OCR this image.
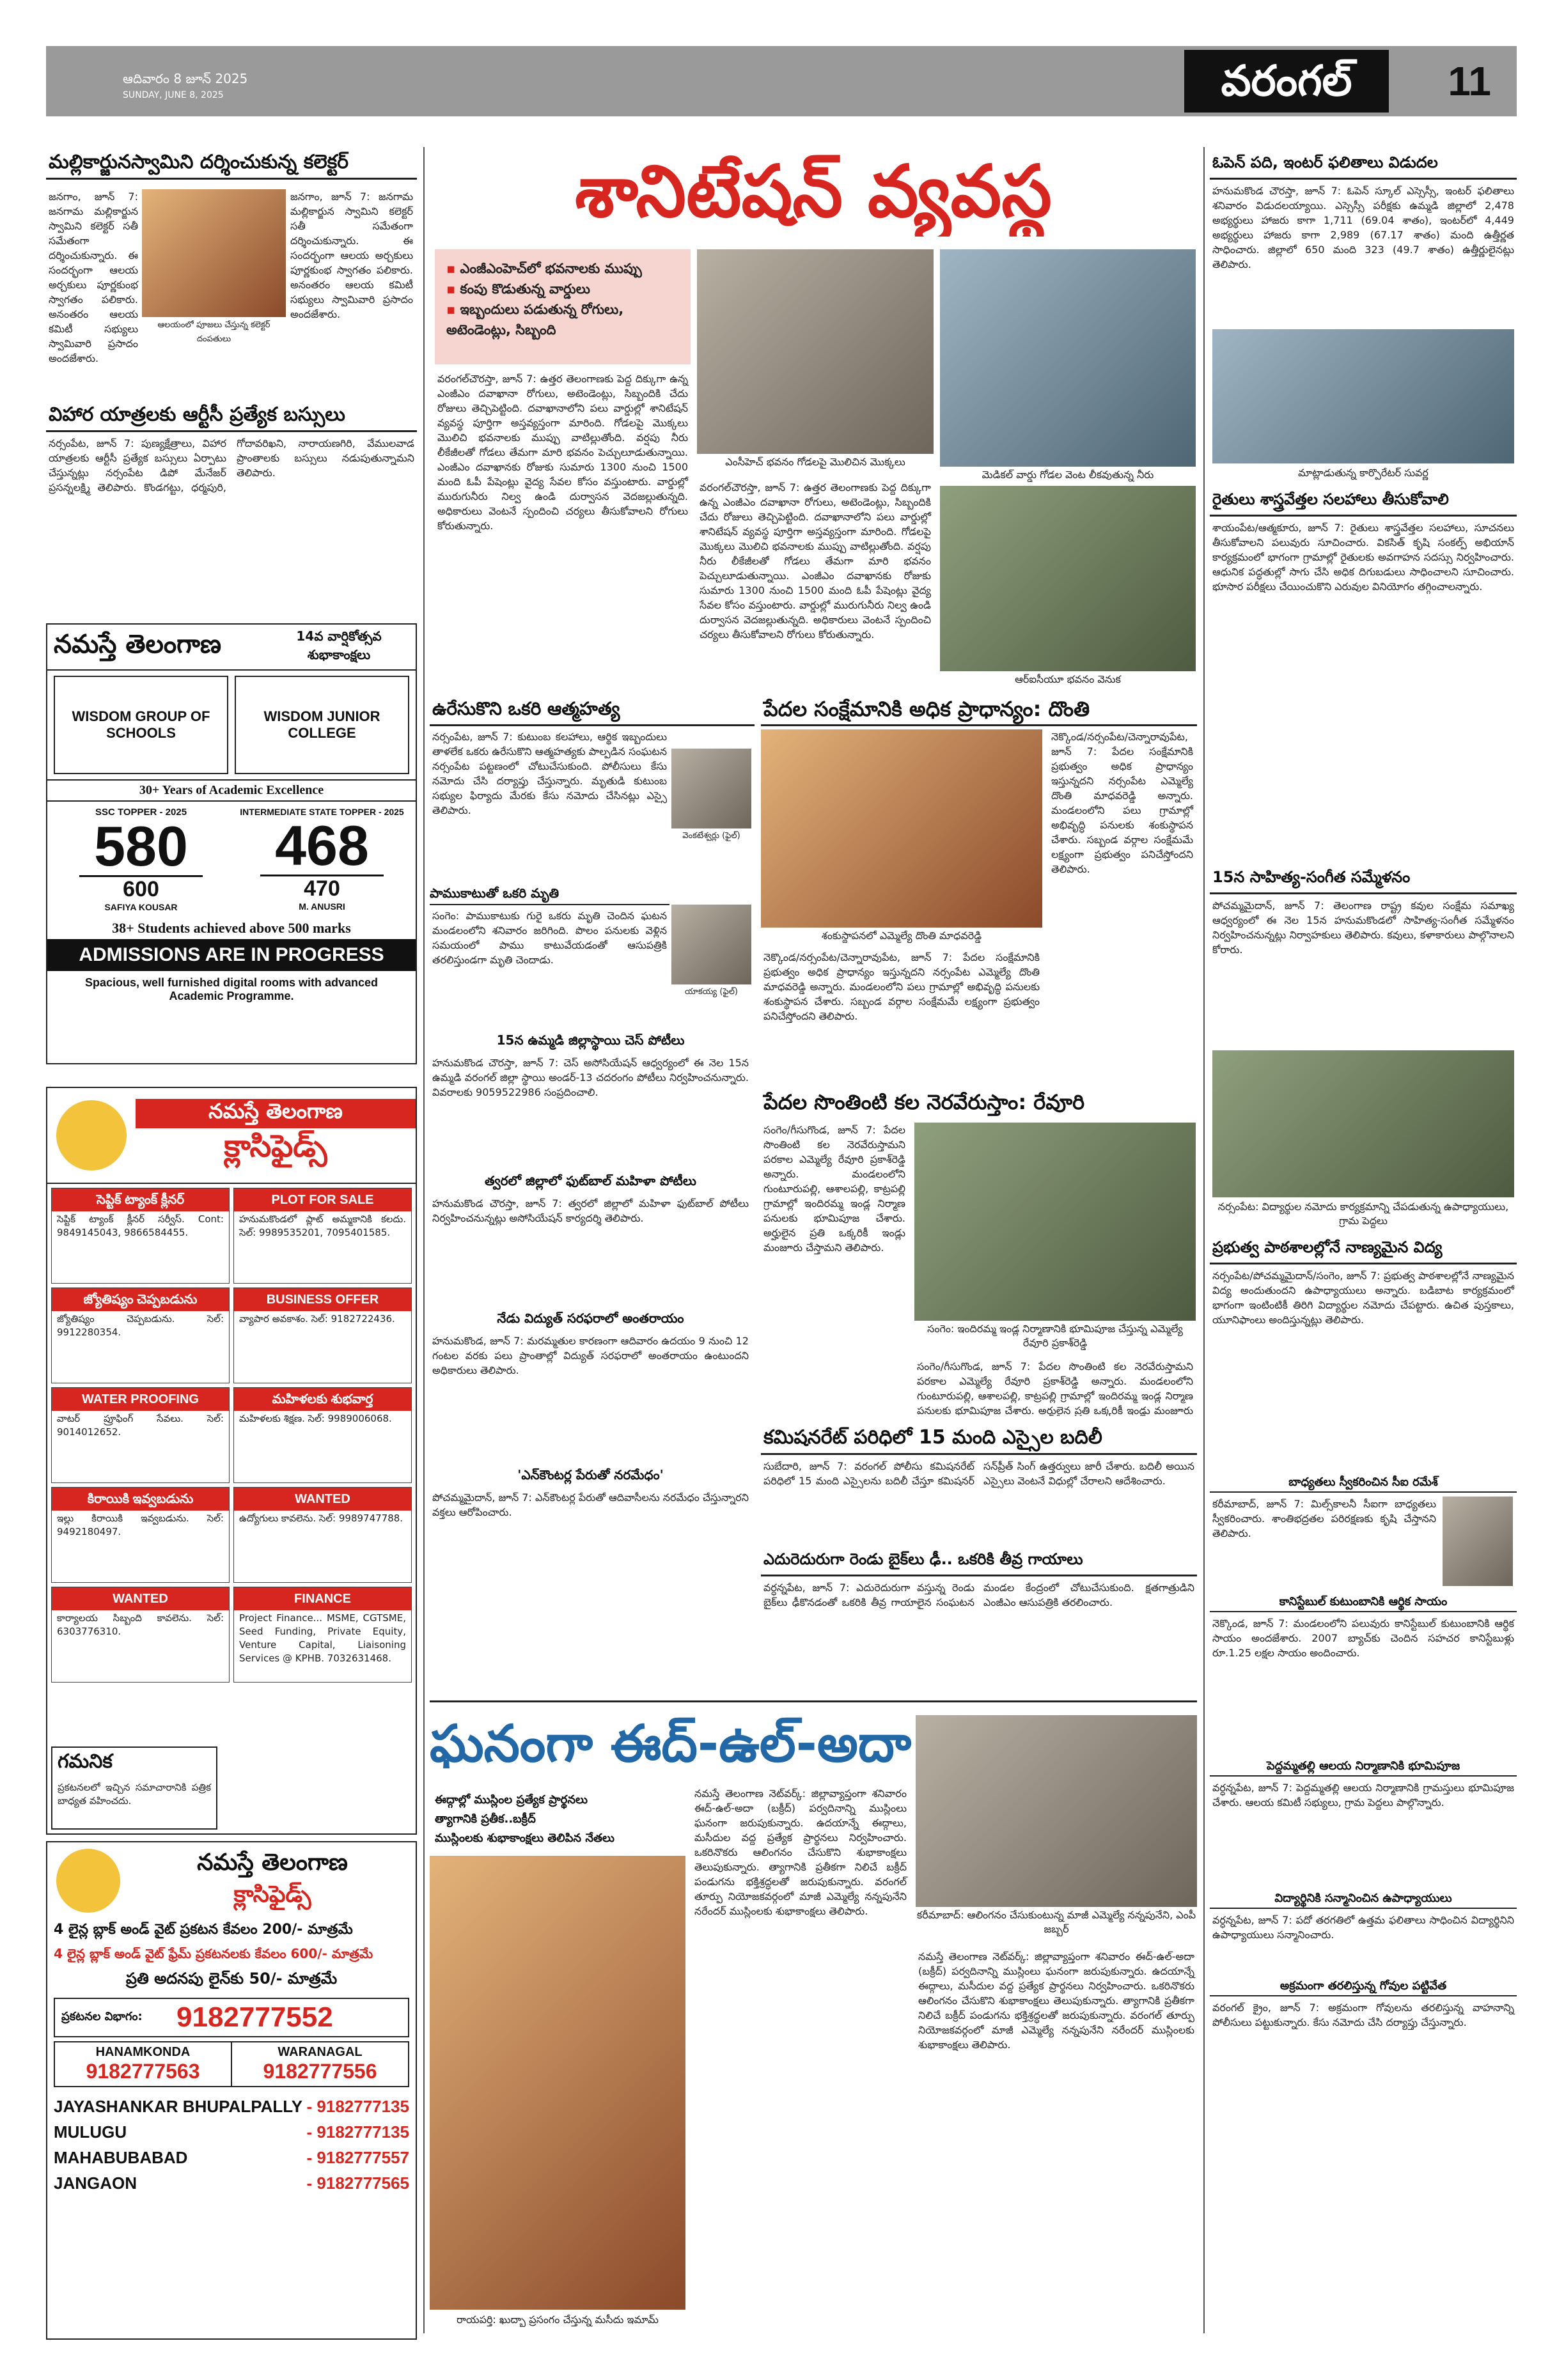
ఆదివారం 8 జూన్ 2025
SUNDAY, JUNE 8, 2025	వరంగల్	11
మల్లికార్జునస్వామిని దర్శించుకున్న కలెక్టర్
ఆలయంలో పూజలు చేస్తున్న కలెక్టర్ దంపతులు
జనగాం, జూన్ 7: జనగామ మల్లికార్జున స్వామిని కలెక్టర్ సతీ సమేతంగా దర్శించుకున్నారు. ఈ సందర్భంగా ఆలయ అర్చకులు పూర్ణకుంభ స్వాగతం పలికారు. అనంతరం ఆలయ కమిటీ సభ్యులు స్వామివారి ప్రసాదం అందజేశారు.
జనగాం, జూన్ 7: జనగామ మల్లికార్జున స్వామిని కలెక్టర్ సతీ సమేతంగా దర్శించుకున్నారు. ఈ సందర్భంగా ఆలయ అర్చకులు పూర్ణకుంభ స్వాగతం పలికారు. అనంతరం ఆలయ కమిటీ సభ్యులు స్వామివారి ప్రసాదం అందజేశారు.
విహార యాత్రలకు ఆర్టీసీ ప్రత్యేక బస్సులు
నర్సంపేట, జూన్ 7: పుణ్యక్షేత్రాలు, విహార యాత్రలకు ఆర్టీసీ ప్రత్యేక బస్సులు ఏర్పాటు చేస్తున్నట్లు నర్సంపేట డిపో మేనేజర్ ప్రసన్నలక్ష్మి తెలిపారు. కొండగట్టు, ధర్మపురి, గోదావరిఖని, నారాయణగిరి, వేములవాడ ప్రాంతాలకు బస్సులు నడుపుతున్నామని తెలిపారు.
నమస్తే తెలంగాణ	14వ వార్షికోత్సవ శుభాకాంక్షలు
WISDOM GROUP OF SCHOOLS
WISDOM JUNIOR COLLEGE
30+ Years of Academic Excellence
SSC TOPPER - 2025
580
600
SAFIYA KOUSAR
INTERMEDIATE STATE TOPPER - 2025
468
470
M. ANUSRI
38+ Students achieved above 500 marks
ADMISSIONS ARE IN PROGRESS
Spacious, well furnished digital rooms with advanced Academic Programme.
నమస్తే తెలంగాణ
క్లాసిఫైడ్స్
సెప్టిక్ ట్యాంక్ క్లీనర్
సెప్టిక్ ట్యాంక్ క్లీనర్ సర్వీస్. Cont: 9849145043, 9866584455.
PLOT FOR SALE
హనుమకొండలో ప్లాట్ అమ్మకానికి కలదు. సెల్: 9989535201, 7095401585.
జ్యోతిష్యం చెప్పబడును
జ్యోతిష్యం చెప్పబడును. సెల్: 9912280354.
BUSINESS OFFER
వ్యాపార అవకాశం. సెల్: 9182722436.
WATER PROOFING
వాటర్ ప్రూఫింగ్ సేవలు. సెల్: 9014012652.
మహిళలకు శుభవార్త
మహిళలకు శిక్షణ. సెల్: 9989006068.
కిరాయికి ఇవ్వబడును
ఇల్లు కిరాయికి ఇవ్వబడును. సెల్: 9492180497.
WANTED
ఉద్యోగులు కావలెను. సెల్: 9989747788.
WANTED
కార్యాలయ సిబ్బంది కావలెను. సెల్: 6303776310.
FINANCE
Project Finance... MSME, CGTSME, Seed Funding, Private Equity, Venture Capital, Liaisoning Services @ KPHB. 7032631468.
గమనిక
ప్రకటనలలో ఇచ్చిన సమాచారానికి పత్రిక బాధ్యత వహించదు.
నమస్తే తెలంగాణ
క్లాసిఫైడ్స్
4 లైన్ల బ్లాక్ అండ్ వైట్ ప్రకటన కేవలం 200/- మాత్రమే
4 లైన్ల బ్లాక్ అండ్ వైట్ ఫ్రేమ్ ప్రకటనలకు కేవలం 600/- మాత్రమే
ప్రతి అదనపు లైన్‌కు 50/- మాత్రమే
ప్రకటనల విభాగం:	9182777552
HANAMKONDA
9182777563
WARANAGAL
9182777556
JAYASHANKAR BHUPALPALLY - 9182777135
MULUGU	- 9182777135
MAHABUBABAD	- 9182777557
JANGAON	- 9182777565
శానిటేషన్ వ్యవస్థ
▪ ఎంజీఎంహెచ్‌లో భవనాలకు ముప్పు
▪ కంపు కొడుతున్న వార్డులు
▪ ఇబ్బందులు పడుతున్న రోగులు, అటెండెంట్లు, సిబ్బంది
వరంగల్‌చౌరస్తా, జూన్ 7: ఉత్తర తెలంగాణకు పెద్ద దిక్కుగా ఉన్న ఎంజీఎం దవాఖానా రోగులు, అటెండెంట్లు, సిబ్బందికి చేదు రోజులు తెచ్చిపెట్టింది. దవాఖానాలోని పలు వార్డుల్లో శానిటేషన్ వ్యవస్థ పూర్తిగా అస్తవ్యస్తంగా మారింది. గోడలపై మొక్కలు మొలిచి భవనాలకు ముప్పు వాటిల్లుతోంది. వర్షపు నీరు లీకేజీలతో గోడలు తేమగా మారి భవనం పెచ్చులూడుతున్నాయి. ఎంజీఎం దవాఖానకు రోజుకు సుమారు 1300 నుంచి 1500 మంది ఓపీ పేషెంట్లు వైద్య సేవల కోసం వస్తుంటారు. వార్డుల్లో మురుగునీరు నిల్వ ఉండి దుర్వాసన వెదజల్లుతున్నది. అధికారులు వెంటనే స్పందించి చర్యలు తీసుకోవాలని రోగులు కోరుతున్నారు.
ఎంసీహెచ్ భవనం గోడలపై మొలిచిన మొక్కలు
మెడికల్ వార్డు గోడల వెంట లీకవుతున్న నీరు
వరంగల్‌చౌరస్తా, జూన్ 7: ఉత్తర తెలంగాణకు పెద్ద దిక్కుగా ఉన్న ఎంజీఎం దవాఖానా రోగులు, అటెండెంట్లు, సిబ్బందికి చేదు రోజులు తెచ్చిపెట్టింది. దవాఖానాలోని పలు వార్డుల్లో శానిటేషన్ వ్యవస్థ పూర్తిగా అస్తవ్యస్తంగా మారింది. గోడలపై మొక్కలు మొలిచి భవనాలకు ముప్పు వాటిల్లుతోంది. వర్షపు నీరు లీకేజీలతో గోడలు తేమగా మారి భవనం పెచ్చులూడుతున్నాయి. ఎంజీఎం దవాఖానకు రోజుకు సుమారు 1300 నుంచి 1500 మంది ఓపీ పేషెంట్లు వైద్య సేవల కోసం వస్తుంటారు. వార్డుల్లో మురుగునీరు నిల్వ ఉండి దుర్వాసన వెదజల్లుతున్నది. అధికారులు వెంటనే స్పందించి చర్యలు తీసుకోవాలని రోగులు కోరుతున్నారు.
ఆర్ఐసీయూ భవనం వెనుక
ఉరేసుకొని ఒకరి ఆత్మహత్య
వెంకటేశ్వర్లు (ఫైల్)
నర్సంపేట, జూన్ 7: కుటుంబ కలహాలు, ఆర్థిక ఇబ్బందులు తాళలేక ఒకరు ఉరేసుకొని ఆత్మహత్యకు పాల్పడిన సంఘటన నర్సంపేట పట్టణంలో చోటుచేసుకుంది. పోలీసులు కేసు నమోదు చేసి దర్యాప్తు చేస్తున్నారు. మృతుడి కుటుంబ సభ్యుల ఫిర్యాదు మేరకు కేసు నమోదు చేసినట్లు ఎస్సై తెలిపారు.
పాముకాటుతో ఒకరి మృతి
యాకయ్య (ఫైల్)
సంగెం: పాముకాటుకు గురై ఒకరు మృతి చెందిన ఘటన మండలంలోని శనివారం జరిగింది. పొలం పనులకు వెళ్లిన సమయంలో పాము కాటువేయడంతో ఆసుపత్రికి తరలిస్తుండగా మృతి చెందాడు.
15న ఉమ్మడి జిల్లాస్థాయి చెస్ పోటీలు
హనుమకొండ చౌరస్తా, జూన్ 7: చెస్ అసోసియేషన్ ఆధ్వర్యంలో ఈ నెల 15న ఉమ్మడి వరంగల్ జిల్లా స్థాయి అండర్-13 చదరంగం పోటీలు నిర్వహించనున్నారు. వివరాలకు 9059522986 సంప్రదించాలి.
త్వరలో జిల్లాలో ఫుట్‌బాల్ మహిళా పోటీలు
హనుమకొండ చౌరస్తా, జూన్ 7: త్వరలో జిల్లాలో మహిళా ఫుట్‌బాల్ పోటీలు నిర్వహించనున్నట్లు అసోసియేషన్ కార్యదర్శి తెలిపారు.
నేడు విద్యుత్ సరఫరాలో అంతరాయం
హనుమకొండ, జూన్ 7: మరమ్మతుల కారణంగా ఆదివారం ఉదయం 9 నుంచి 12 గంటల వరకు పలు ప్రాంతాల్లో విద్యుత్ సరఫరాలో అంతరాయం ఉంటుందని అధికారులు తెలిపారు.
'ఎన్‌కౌంటర్ల పేరుతో నరమేధం'
పోచమ్మమైదాన్, జూన్ 7: ఎన్‌కౌంటర్ల పేరుతో ఆదివాసీలను నరమేధం చేస్తున్నారని వక్తలు ఆరోపించారు.
పేదల సంక్షేమానికి అధిక ప్రాధాన్యం: దొంతి
శంకుస్థాపనలో ఎమ్మెల్యే దొంతి మాధవరెడ్డి
నెక్కొండ/నర్సంపేట/చెన్నారావుపేట, జూన్ 7: పేదల సంక్షేమానికి ప్రభుత్వం అధిక ప్రాధాన్యం ఇస్తున్నదని నర్సంపేట ఎమ్మెల్యే దొంతి మాధవరెడ్డి అన్నారు. మండలంలోని పలు గ్రామాల్లో అభివృద్ధి పనులకు శంకుస్థాపన చేశారు. సబ్బండ వర్గాల సంక్షేమమే లక్ష్యంగా ప్రభుత్వం పనిచేస్తోందని తెలిపారు.
నెక్కొండ/నర్సంపేట/చెన్నారావుపేట, జూన్ 7: పేదల సంక్షేమానికి ప్రభుత్వం అధిక ప్రాధాన్యం ఇస్తున్నదని నర్సంపేట ఎమ్మెల్యే దొంతి మాధవరెడ్డి అన్నారు. మండలంలోని పలు గ్రామాల్లో అభివృద్ధి పనులకు శంకుస్థాపన చేశారు. సబ్బండ వర్గాల సంక్షేమమే లక్ష్యంగా ప్రభుత్వం పనిచేస్తోందని తెలిపారు.
పేదల సొంతింటి కల నెరవేరుస్తాం: రేవూరి
సంగెం/గీసుగొండ, జూన్ 7: పేదల సొంతింటి కల నెరవేరుస్తామని పరకాల ఎమ్మెల్యే రేవూరి ప్రకాశ్‌రెడ్డి అన్నారు. మండలంలోని గుంటూరుపల్లి, ఆశాలపల్లి, కాట్రపల్లి గ్రామాల్లో ఇందిరమ్మ ఇండ్ల నిర్మాణ పనులకు భూమిపూజ చేశారు. అర్హులైన ప్రతి ఒక్కరికీ ఇండ్లు మంజూరు చేస్తామని తెలిపారు.
సంగెం: ఇందిరమ్మ ఇండ్ల నిర్మాణానికి భూమిపూజ చేస్తున్న ఎమ్మెల్యే రేవూరి ప్రకాశ్‌రెడ్డి
సంగెం/గీసుగొండ, జూన్ 7: పేదల సొంతింటి కల నెరవేరుస్తామని పరకాల ఎమ్మెల్యే రేవూరి ప్రకాశ్‌రెడ్డి అన్నారు. మండలంలోని గుంటూరుపల్లి, ఆశాలపల్లి, కాట్రపల్లి గ్రామాల్లో ఇందిరమ్మ ఇండ్ల నిర్మాణ పనులకు భూమిపూజ చేశారు. అర్హులైన ప్రతి ఒక్కరికీ ఇండ్లు మంజూరు
కమిషనరేట్ పరిధిలో 15 మంది ఎస్సైల బదిలీ
సుబేదారి, జూన్ 7: వరంగల్ పోలీసు కమిషనరేట్ పరిధిలో 15 మంది ఎస్సైలను బదిలీ చేస్తూ కమిషనర్ సన్‌ప్రీత్ సింగ్ ఉత్తర్వులు జారీ చేశారు. బదిలీ అయిన ఎస్సైలు వెంటనే విధుల్లో చేరాలని ఆదేశించారు.
ఎదురెదురుగా రెండు బైక్‌లు ఢీ.. ఒకరికి తీవ్ర గాయాలు
వర్ధన్నపేట, జూన్ 7: ఎదురెదురుగా వస్తున్న రెండు బైక్‌లు ఢీకొనడంతో ఒకరికి తీవ్ర గాయాలైన సంఘటన మండల కేంద్రంలో చోటుచేసుకుంది. క్షతగాత్రుడిని ఎంజీఎం ఆసుపత్రికి తరలించారు.
ఘనంగా ఈద్-ఉల్-అదా
ఈద్గాల్లో ముస్లింల ప్రత్యేక ప్రార్థనలు
త్యాగానికి ప్రతీక..బక్రీద్
ముస్లింలకు శుభాకాంక్షలు తెలిపిన నేతలు
నమస్తే తెలంగాణ నెట్‌వర్క్: జిల్లావ్యాప్తంగా శనివారం ఈద్-ఉల్-అదా (బక్రీద్) పర్వదినాన్ని ముస్లింలు ఘనంగా జరుపుకున్నారు. ఉదయాన్నే ఈద్గాలు, మసీదుల వద్ద ప్రత్యేక ప్రార్థనలు నిర్వహించారు. ఒకరినొకరు ఆలింగనం చేసుకొని శుభాకాంక్షలు తెలుపుకున్నారు. త్యాగానికి ప్రతీకగా నిలిచే బక్రీద్ పండుగను భక్తిశ్రద్ధలతో జరుపుకున్నారు. వరంగల్ తూర్పు నియోజకవర్గంలో మాజీ ఎమ్మెల్యే నన్నపునేని నరేందర్ ముస్లింలకు శుభాకాంక్షలు తెలిపారు.
రాయపర్తి: ఖుద్బా ప్రసంగం చేస్తున్న మసీదు ఇమామ్
కరీమాబాద్: ఆలింగనం చేసుకుంటున్న మాజీ ఎమ్మెల్యే నన్నపునేని, ఎంపీ జబ్బర్
నమస్తే తెలంగాణ నెట్‌వర్క్: జిల్లావ్యాప్తంగా శనివారం ఈద్-ఉల్-అదా (బక్రీద్) పర్వదినాన్ని ముస్లింలు ఘనంగా జరుపుకున్నారు. ఉదయాన్నే ఈద్గాలు, మసీదుల వద్ద ప్రత్యేక ప్రార్థనలు నిర్వహించారు. ఒకరినొకరు ఆలింగనం చేసుకొని శుభాకాంక్షలు తెలుపుకున్నారు. త్యాగానికి ప్రతీకగా నిలిచే బక్రీద్ పండుగను భక్తిశ్రద్ధలతో జరుపుకున్నారు. వరంగల్ తూర్పు నియోజకవర్గంలో మాజీ ఎమ్మెల్యే నన్నపునేని నరేందర్ ముస్లింలకు శుభాకాంక్షలు తెలిపారు.
ఓపెన్ పది, ఇంటర్ ఫలితాలు విడుదల
హనుమకొండ చౌరస్తా, జూన్ 7: ఓపెన్ స్కూల్ ఎస్సెస్సీ, ఇంటర్ ఫలితాలు శనివారం విడుదలయ్యాయి. ఎస్సెస్సీ పరీక్షకు ఉమ్మడి జిల్లాలో 2,478 అభ్యర్థులు హాజరు కాగా 1,711 (69.04 శాతం), ఇంటర్‌లో 4,449 అభ్యర్థులు హాజరు కాగా 2,989 (67.17 శాతం) మంది ఉత్తీర్ణత సాధించారు. జిల్లాలో 650 మంది 323 (49.7 శాతం) ఉత్తీర్ణులైనట్లు తెలిపారు.
మాట్లాడుతున్న కార్పొరేటర్ సువర్ణ
రైతులు శాస్త్రవేత్తల సలహాలు తీసుకోవాలి
శాయంపేట/ఆత్మకూరు, జూన్ 7: రైతులు శాస్త్రవేత్తల సలహాలు, సూచనలు తీసుకోవాలని పలువురు సూచించారు. వికసిత్ కృషి సంకల్ప్ అభియాన్ కార్యక్రమంలో భాగంగా గ్రామాల్లో రైతులకు అవగాహన సదస్సు నిర్వహించారు. ఆధునిక పద్ధతుల్లో సాగు చేసి అధిక దిగుబడులు సాధించాలని సూచించారు. భూసార పరీక్షలు చేయించుకొని ఎరువుల వినియోగం తగ్గించాలన్నారు.
15న సాహిత్య-సంగీత సమ్మేళనం
పోచమ్మమైదాన్, జూన్ 7: తెలంగాణ రాష్ట్ర కవుల సంక్షేమ సమాఖ్య ఆధ్వర్యంలో ఈ నెల 15న హనుమకొండలో సాహిత్య-సంగీత సమ్మేళనం నిర్వహించనున్నట్లు నిర్వాహకులు తెలిపారు. కవులు, కళాకారులు పాల్గొనాలని కోరారు.
నర్సంపేట: విద్యార్థుల నమోదు కార్యక్రమాన్ని చేపడుతున్న ఉపాధ్యాయులు, గ్రామ పెద్దలు
ప్రభుత్వ పాఠశాలల్లోనే నాణ్యమైన విద్య
నర్సంపేట/పోచమ్మమైదాన్/సంగెం, జూన్ 7: ప్రభుత్వ పాఠశాలల్లోనే నాణ్యమైన విద్య అందుతుందని ఉపాధ్యాయులు అన్నారు. బడిబాట కార్యక్రమంలో భాగంగా ఇంటింటికీ తిరిగి విద్యార్థుల నమోదు చేపట్టారు. ఉచిత పుస్తకాలు, యూనిఫాంలు అందిస్తున్నట్లు తెలిపారు.
బాధ్యతలు స్వీకరించిన సీఐ రమేశ్
కరీమాబాద్, జూన్ 7: మిల్స్‌కాలనీ సీఐగా బాధ్యతలు స్వీకరించారు. శాంతిభద్రతల పరిరక్షణకు కృషి చేస్తానని తెలిపారు.
కానిస్టేబుల్ కుటుంబానికి ఆర్థిక సాయం
నెక్కొండ, జూన్ 7: మండలంలోని పలువురు కానిస్టేబుల్ కుటుంబానికి ఆర్థిక సాయం అందజేశారు. 2007 బ్యాచ్‌కు చెందిన సహచర కానిస్టేబుళ్లు రూ.1.25 లక్షల సాయం అందించారు.
పెద్దమ్మతల్లి ఆలయ నిర్మాణానికి భూమిపూజ
వర్ధన్నపేట, జూన్ 7: పెద్దమ్మతల్లి ఆలయ నిర్మాణానికి గ్రామస్తులు భూమిపూజ చేశారు. ఆలయ కమిటీ సభ్యులు, గ్రామ పెద్దలు పాల్గొన్నారు.
విద్యార్థినికి సన్మానించిన ఉపాధ్యాయులు
వర్ధన్నపేట, జూన్ 7: పదో తరగతిలో ఉత్తమ ఫలితాలు సాధించిన విద్యార్థినిని ఉపాధ్యాయులు సన్మానించారు.
అక్రమంగా తరలిస్తున్న గోవుల పట్టివేత
వరంగల్ క్రైం, జూన్ 7: అక్రమంగా గోవులను తరలిస్తున్న వాహనాన్ని పోలీసులు పట్టుకున్నారు. కేసు నమోదు చేసి దర్యాప్తు చేస్తున్నారు.
